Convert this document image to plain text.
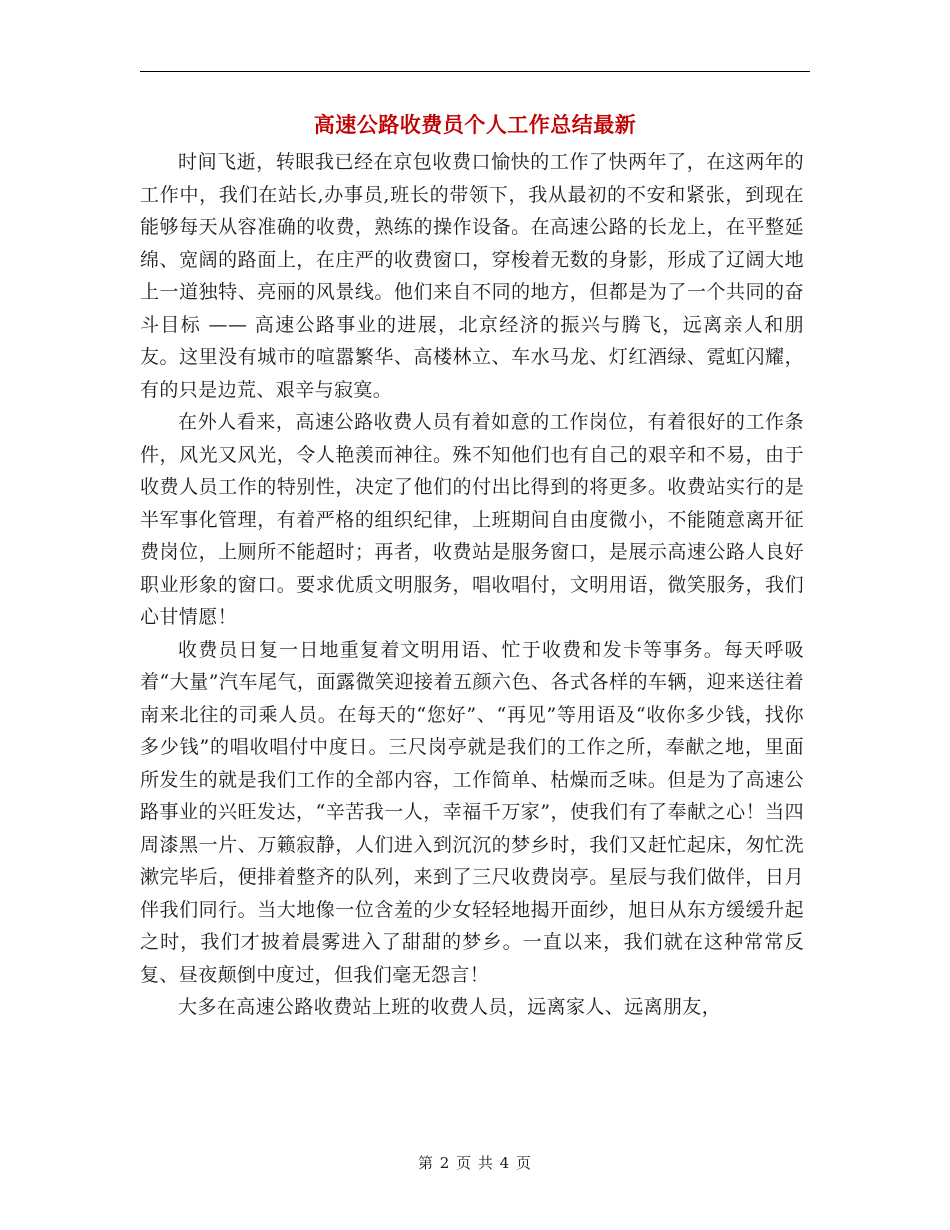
高速公路收费员个人工作总结最新

时间飞逝，转眼我已经在京包收费口愉快的工作了快两年了，在这两年的工作中，我们在站长,办事员,班长的带领下，我从最初的不安和紧张，到现在能够每天从容准确的收费，熟练的操作设备。在高速公路的长龙上，在平整延绵、宽阔的路面上，在庄严的收费窗口，穿梭着无数的身影，形成了辽阔大地上一道独特、亮丽的风景线。他们来自不同的地方，但都是为了一个共同的奋斗目标 —— 高速公路事业的进展，北京经济的振兴与腾飞，远离亲人和朋友。这里没有城市的喧嚣繁华、高楼林立、车水马龙、灯红酒绿、霓虹闪耀，有的只是边荒、艰辛与寂寞。

在外人看来，高速公路收费人员有着如意的工作岗位，有着很好的工作条件，风光又风光，令人艳羡而神往。殊不知他们也有自己的艰辛和不易，由于收费人员工作的特别性，决定了他们的付出比得到的将更多。收费站实行的是半军事化管理，有着严格的组织纪律，上班期间自由度微小，不能随意离开征费岗位，上厕所不能超时；再者，收费站是服务窗口，是展示高速公路人良好职业形象的窗口。要求优质文明服务，唱收唱付，文明用语，微笑服务，我们心甘情愿！

收费员日复一日地重复着文明用语、忙于收费和发卡等事务。每天呼吸着“大量”汽车尾气，面露微笑迎接着五颜六色、各式各样的车辆，迎来送往着南来北往的司乘人员。在每天的“您好”、“再见”等用语及“收你多少钱，找你多少钱”的唱收唱付中度日。三尺岗亭就是我们的工作之所，奉献之地，里面所发生的就是我们工作的全部内容，工作简单、枯燥而乏味。但是为了高速公路事业的兴旺发达，“辛苦我一人，幸福千万家”，使我们有了奉献之心！当四周漆黑一片、万籁寂静，人们进入到沉沉的梦乡时，我们又赶忙起床，匆忙洗漱完毕后，便排着整齐的队列，来到了三尺收费岗亭。星辰与我们做伴，日月伴我们同行。当大地像一位含羞的少女轻轻地揭开面纱，旭日从东方缓缓升起之时，我们才披着晨雾进入了甜甜的梦乡。一直以来，我们就在这种常常反复、昼夜颠倒中度过，但我们毫无怨言！

大多在高速公路收费站上班的收费人员，远离家人、远离朋友，

第 2 页 共 4 页
